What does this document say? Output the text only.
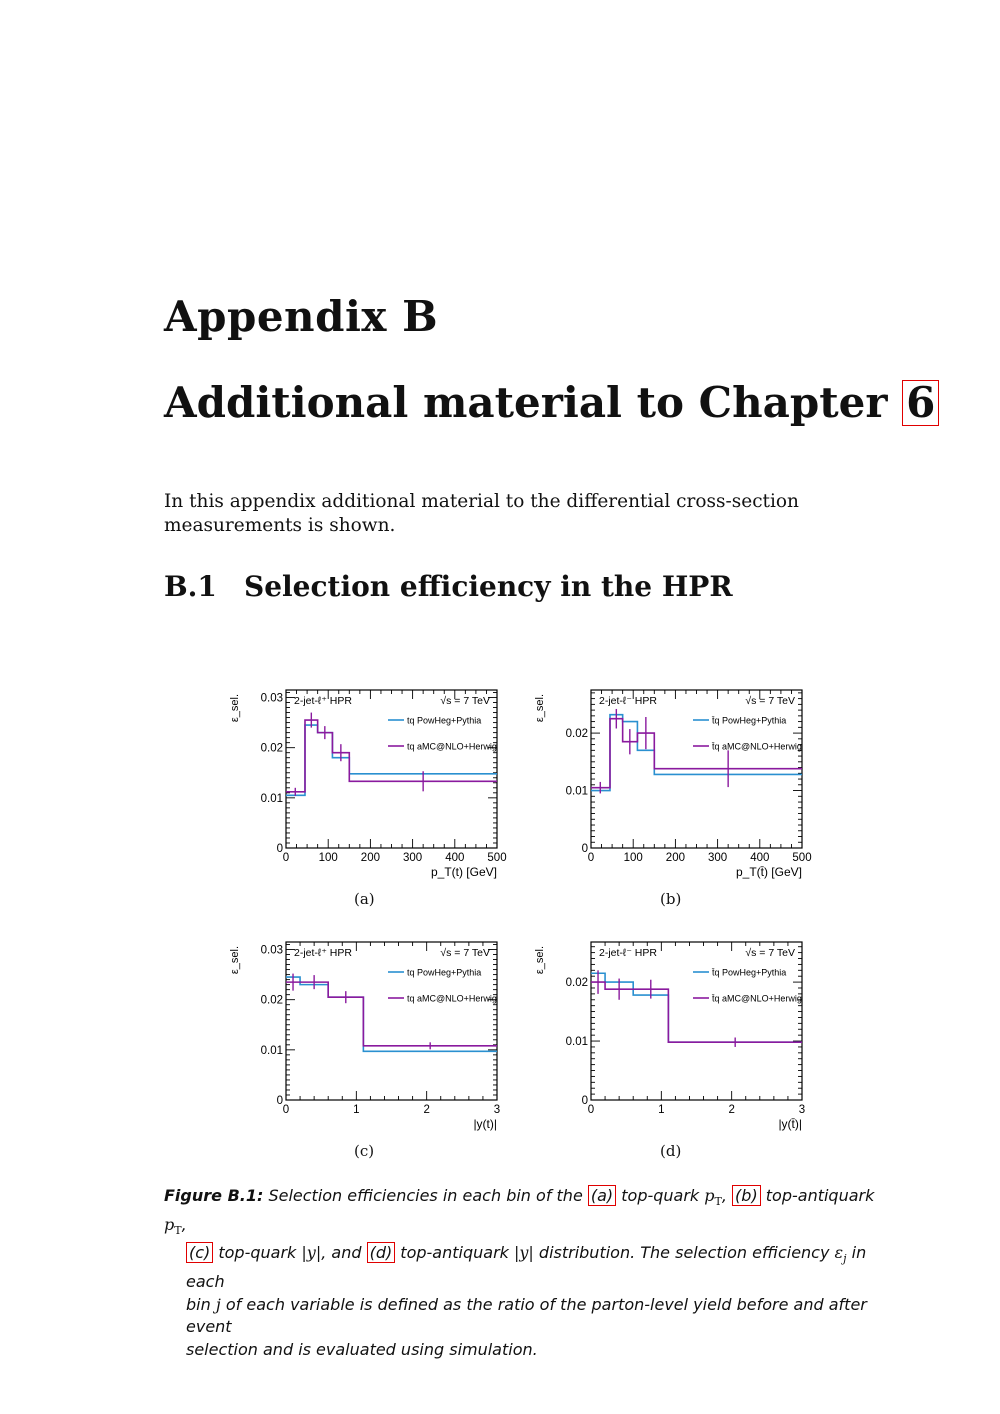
Appendix B
Additional material to Chapter 6
In this appendix additional material to the differential cross-section measurements is shown.
B.1 Selection efficiency in the HPR
0
0.01
0.02
0.03
0	100 200 300 400 500
p_T(t) [GeV]
ε_sel.	2-jet-ℓ⁺ HPR	√s = 7 TeV
tq PowHeg+Pythia
tq aMC@NLO+Herwig
0
0.01
0.02
0	100 200 300 400 500
p_T(t̄) [GeV]
ε_sel.	2-jet-ℓ⁻ HPR	√s = 7 TeV
t̄q PowHeg+Pythia
t̄q aMC@NLO+Herwig
0
0.01
0.02
0.03
0	1	2	3
|y(t)|
ε_sel.	2-jet-ℓ⁺ HPR	√s = 7 TeV
tq PowHeg+Pythia
tq aMC@NLO+Herwig
0
0.01
0.02
0	1	2	3
|y(t̄)|
ε_sel.	2-jet-ℓ⁻ HPR	√s = 7 TeV
t̄q PowHeg+Pythia
t̄q aMC@NLO+Herwig
(a)	(b)
(c)	(d)
Figure B.1: Selection efficiencies in each bin of the (a) top-quark $p_T$, (b) top-antiquark $p_T$,
(c) top-quark |y|, and (d) top-antiquark |y| distribution. The selection efficiency $\varepsilon_j$ in each
bin j of each variable is defined as the ratio of the parton-level yield before and after event
selection and is evaluated using simulation.
